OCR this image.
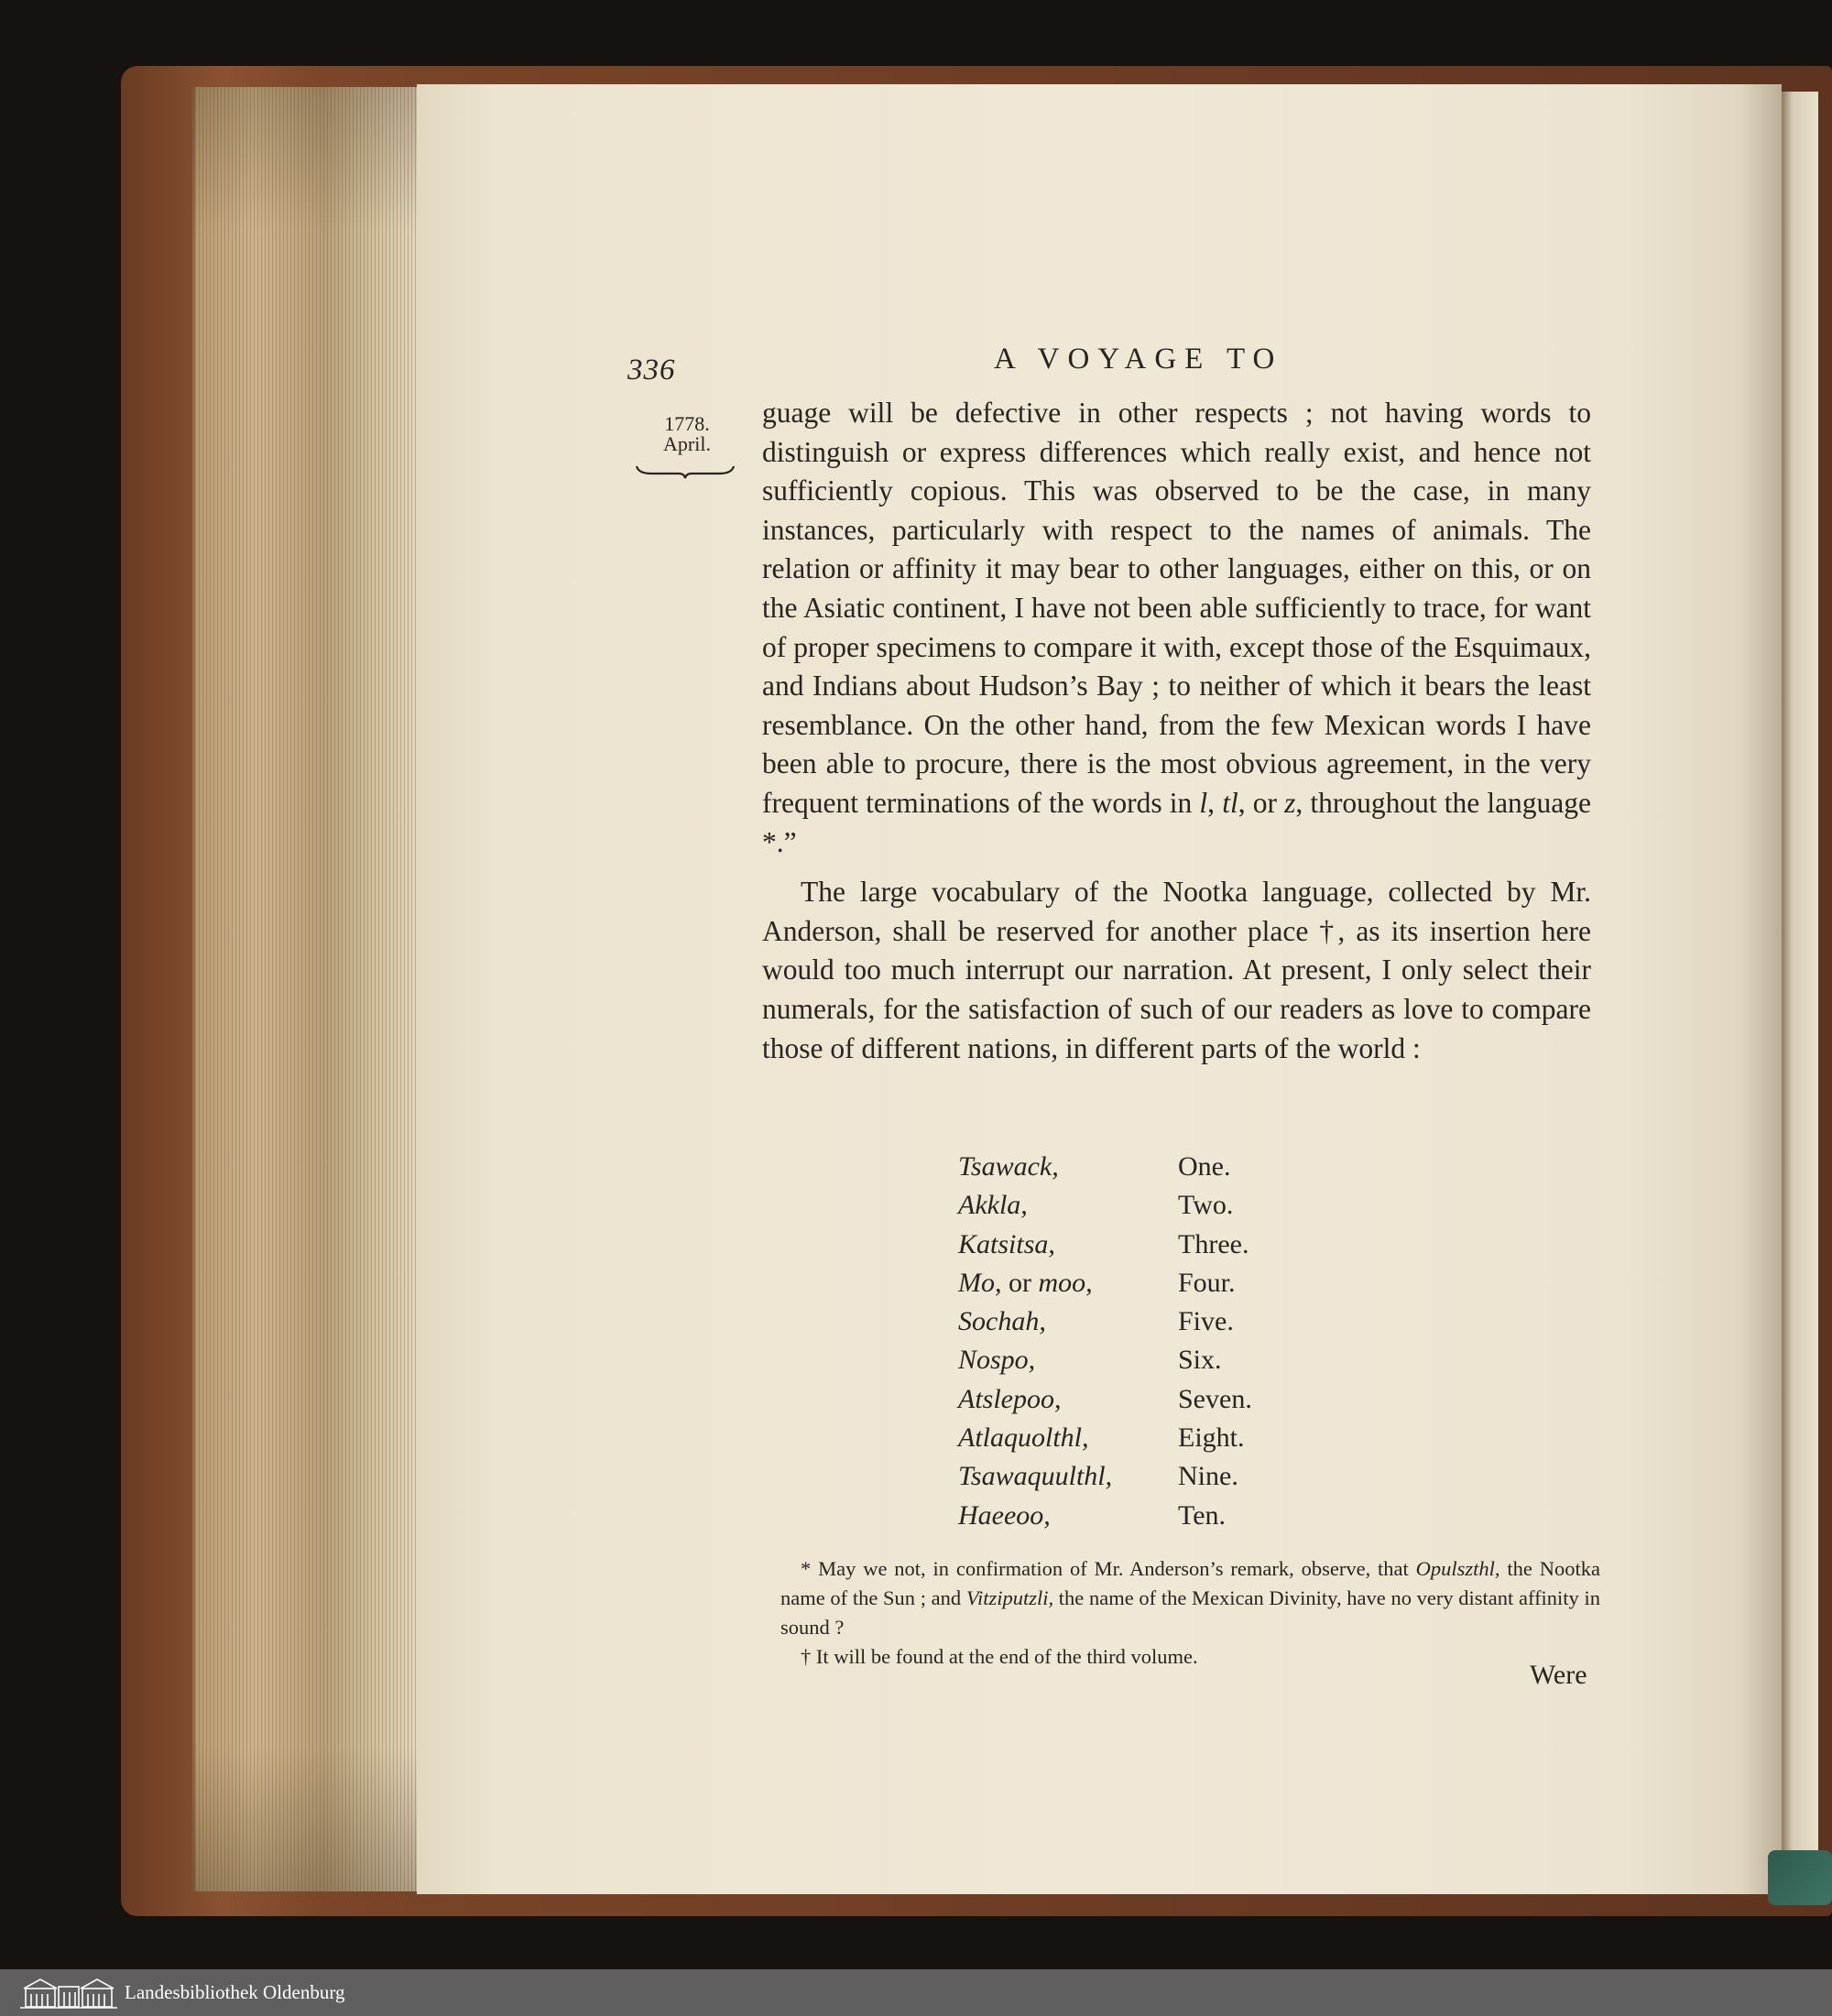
336	A VOYAGE TO
1778.
April.

guage will be defective in other respects ; not having words to distinguish or express differences which really exist, and hence not sufficiently copious. This was observed to be the case, in many instances, particularly with respect to the names of animals. The relation or affinity it may bear to other languages, either on this, or on the Asiatic continent, I have not been able sufficiently to trace, for want of proper specimens to compare it with, except those of the Esquimaux, and Indians about Hudson’s Bay ; to neither of which it bears the least resemblance. On the other hand, from the few Mexican words I have been able to procure, there is the most obvious agreement, in the very frequent terminations of the words in l, tl, or z, throughout the language *.”

The large vocabulary of the Nootka language, collected by Mr. Anderson, shall be reserved for another place †, as its insertion here would too much interrupt our narration. At present, I only select their numerals, for the satisfaction of such of our readers as love to compare those of different nations, in different parts of the world :

Tsawack,	One.
Akkla,	Two.
Katsitsa,	Three.
Mo, or moo,	Four.
Sochah,	Five.
Nospo,	Six.
Atslepoo,	Seven.
Atlaquolthl,	Eight.
Tsawaquulthl,	Nine.
Haeeoo,	Ten.

* May we not, in confirmation of Mr. Anderson’s remark, observe, that Opulszthl, the Nootka name of the Sun ; and Vitziputzli, the name of the Mexican Divinity, have no very distant affinity in sound ?

† It will be found at the end of the third volume.

Were
Landesbibliothek Oldenburg
